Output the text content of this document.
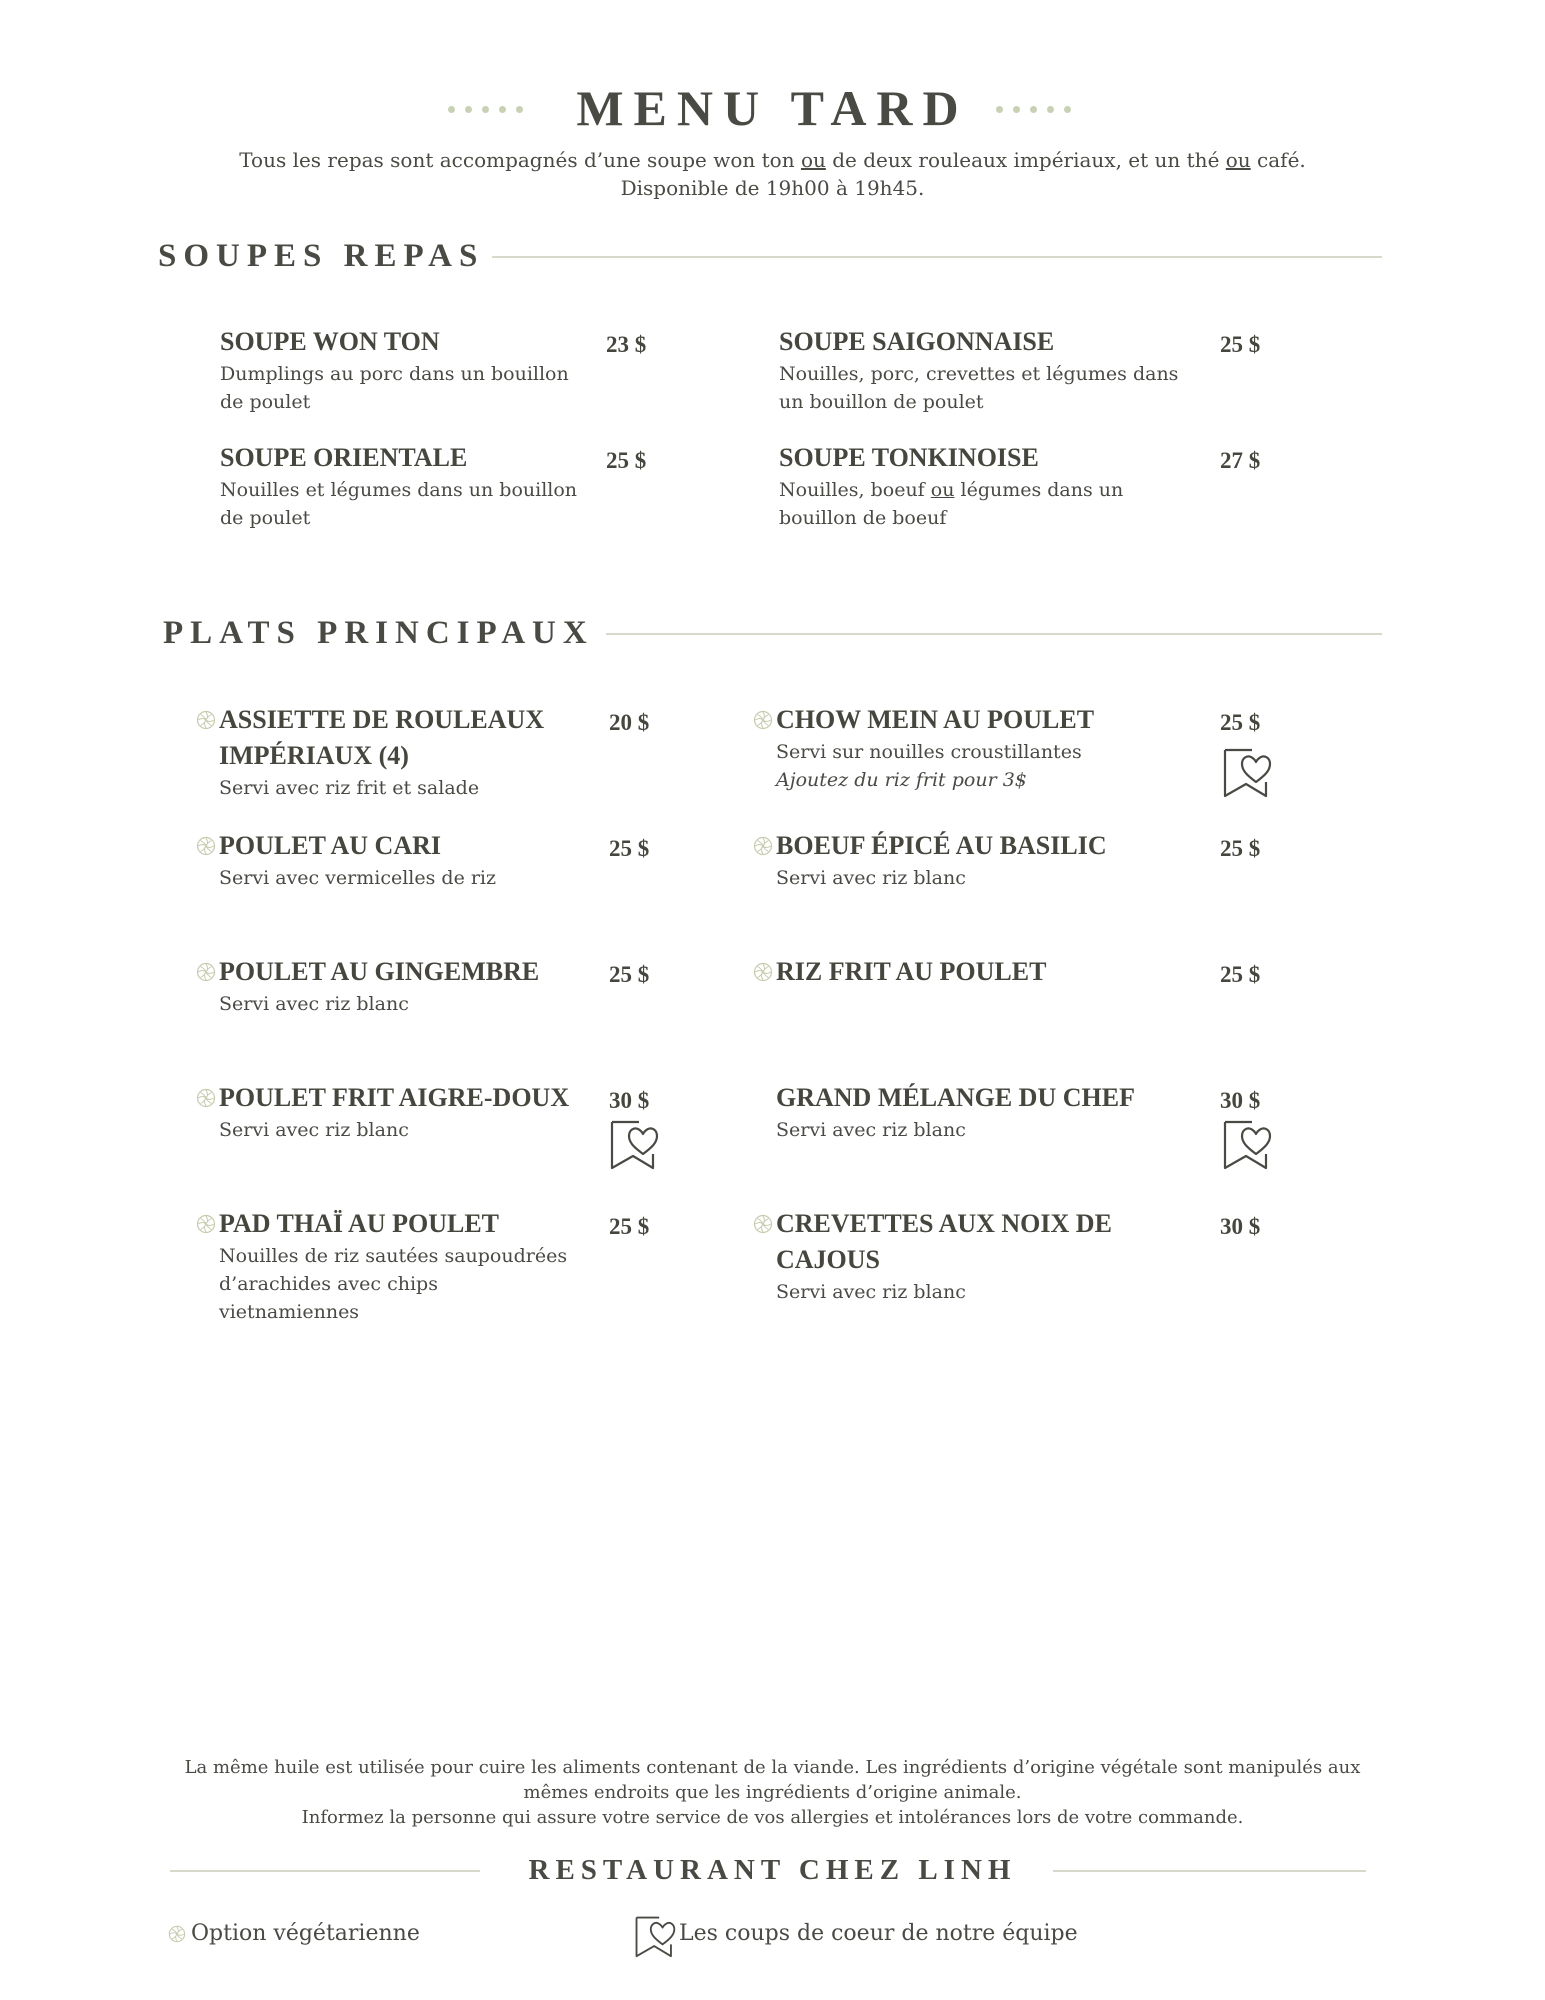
MENU TARD
Tous les repas sont accompagnés d’une soupe won ton ou de deux rouleaux impériaux, et un thé ou café.
Disponible de 19h00 à 19h45.
SOUPES REPAS
SOUPE WON TON
Dumplings au porc dans un bouillon
de poulet
23 $	SOUPE SAIGONNAISE
Nouilles, porc, crevettes et légumes dans
un bouillon de poulet
25 $
SOUPE ORIENTALE
Nouilles et légumes dans un bouillon
de poulet
25 $	SOUPE TONKINOISE
Nouilles, boeuf ou légumes dans un
bouillon de boeuf
27 $
PLATS PRINCIPAUX
ASSIETTE DE ROULEAUX
IMPÉRIAUX (4)
Servi avec riz frit et salade
20 $	CHOW MEIN AU POULET
Servi sur nouilles croustillantes
Ajoutez du riz frit pour 3$
25 $
POULET AU CARI
Servi avec vermicelles de riz
25 $	BOEUF ÉPICÉ AU BASILIC
Servi avec riz blanc
25 $
POULET AU GINGEMBRE
Servi avec riz blanc
25 $	RIZ FRIT AU POULET	25 $
POULET FRIT AIGRE-DOUX
Servi avec riz blanc
30 $	GRAND MÉLANGE DU CHEF
Servi avec riz blanc
30 $
PAD THAÏ AU POULET
Nouilles de riz sautées saupoudrées
d’arachides avec chips
vietnamiennes
25 $	CREVETTES AUX NOIX DE
CAJOUS
Servi avec riz blanc
30 $
La même huile est utilisée pour cuire les aliments contenant de la viande. Les ingrédients d’origine végétale sont manipulés aux
mêmes endroits que les ingrédients d’origine animale.
Informez la personne qui assure votre service de vos allergies et intolérances lors de votre commande.
RESTAURANT CHEZ LINH
Option végétarienne	Les coups de coeur de notre équipe
